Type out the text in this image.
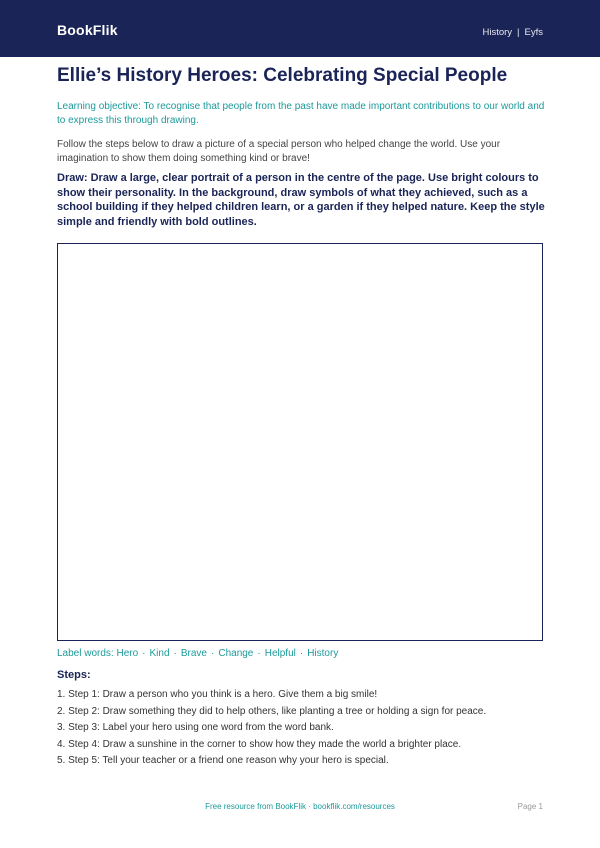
BookFlik	History | Eyfs
Ellie’s History Heroes: Celebrating Special People
Learning objective: To recognise that people from the past have made important contributions to our world and to express this through drawing.
Follow the steps below to draw a picture of a special person who helped change the world. Use your imagination to show them doing something kind or brave!
Draw: Draw a large, clear portrait of a person in the centre of the page. Use bright colours to show their personality. In the background, draw symbols of what they achieved, such as a school building if they helped children learn, or a garden if they helped nature. Keep the style simple and friendly with bold outlines.
Label words: Hero · Kind · Brave · Change · Helpful · History
Steps:
1. Step 1: Draw a person who you think is a hero. Give them a big smile!
2. Step 2: Draw something they did to help others, like planting a tree or holding a sign for peace.
3. Step 3: Label your hero using one word from the word bank.
4. Step 4: Draw a sunshine in the corner to show how they made the world a brighter place.
5. Step 5: Tell your teacher or a friend one reason why your hero is special.
Free resource from BookFlik · bookflik.com/resources	Page 1
